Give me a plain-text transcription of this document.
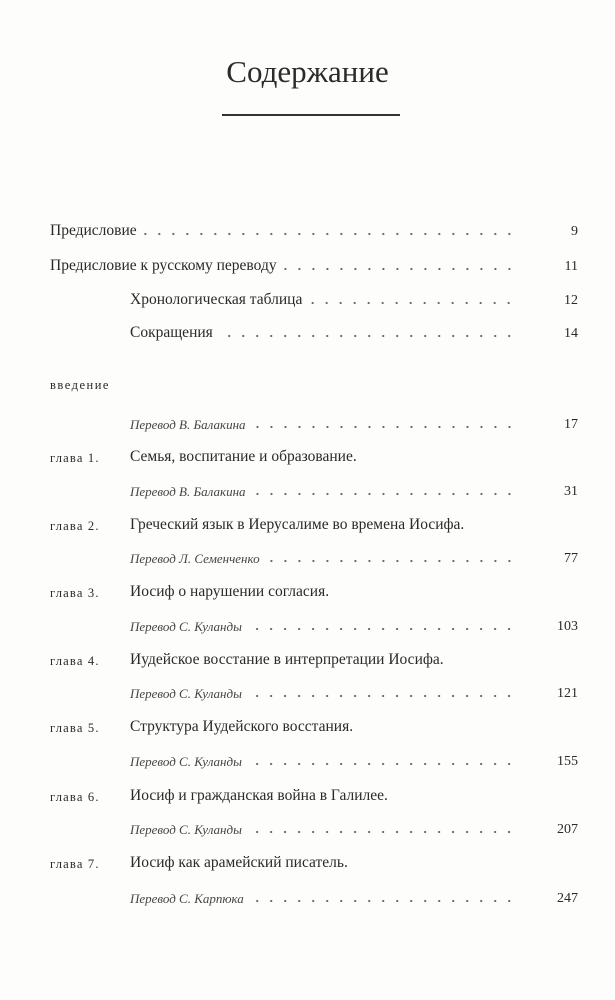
Содержание
Предисловие	9
Предисловие к русскому переводу	11
Хронологическая таблица	12
Сокращения	14
введение
Перевод В. Балакина	17
глава 1.	Семья, воспитание и образование.
Перевод В. Балакина	31
глава 2.	Греческий язык в Иерусалиме во времена Иосифа.
Перевод Л. Семенченко	77
глава 3.	Иосиф о нарушении согласия.
Перевод С. Куланды	103
глава 4.	Иудейское восстание в интерпретации Иосифа.
Перевод С. Куланды	121
глава 5.	Структура Иудейского восстания.
Перевод С. Куланды	155
глава 6.	Иосиф и гражданская война в Галилее.
Перевод С. Куланды	207
глава 7.	Иосиф как арамейский писатель.
Перевод С. Карпюка	247
